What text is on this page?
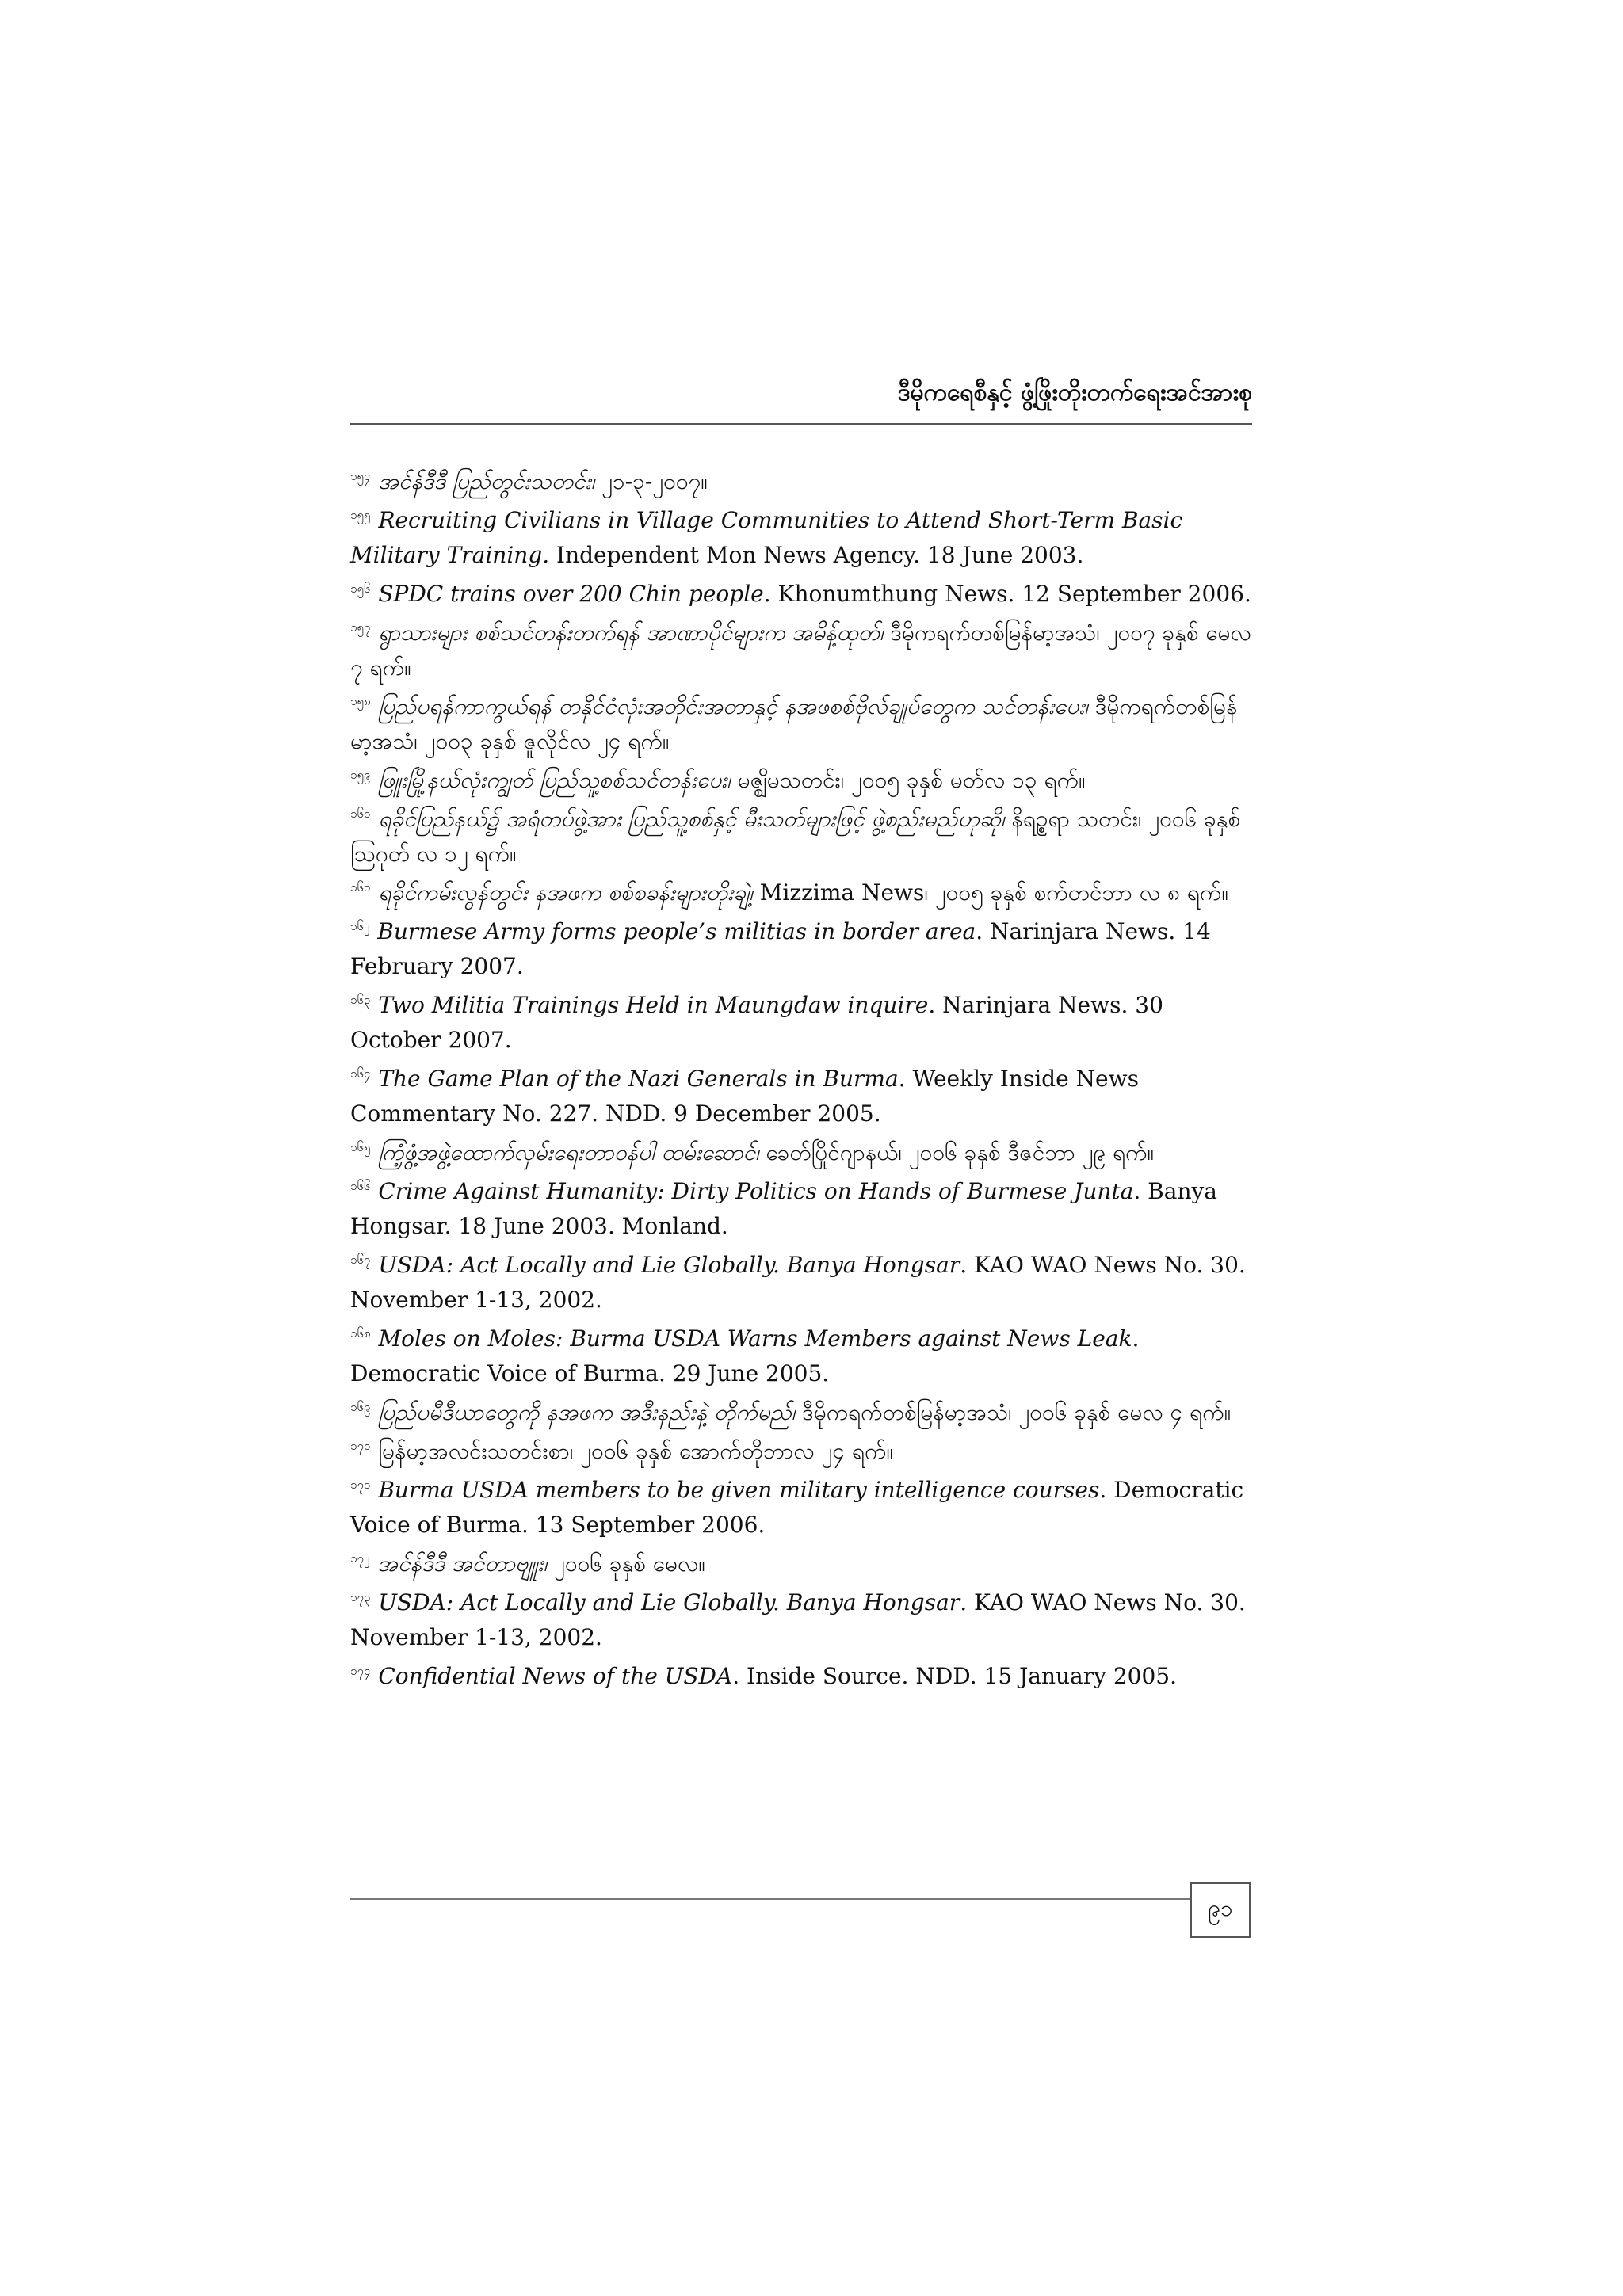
ဒီမိုကရေစီနှင့် ဖွံ့ဖြိုးတိုးတက်ရေးအင်အားစု

$^{၁၅၄}$ အင်န်ဒီဒီ ပြည်တွင်းသတင်း၊ ၂၁-၃-၂၀၀၇။

$^{၁၅၅}$ Recruiting Civilians in Village Communities to Attend Short-Term Basic Military Training. Independent Mon News Agency. 18 June 2003.

$^{၁၅၆}$ SPDC trains over 200 Chin people. Khonumthung News. 12 September 2006.

$^{၁၅၇}$ ရွာသားများ စစ်သင်တန်းတက်ရန် အာဏာပိုင်များက အမိန့်ထုတ်၊ ဒီမိုကရက်တစ်မြန်မာ့အသံ၊ ၂၀၀၇ ခုနှစ် မေလ ၇ ရက်။

$^{၁၅၈}$ ပြည်ပရန်ကာကွယ်ရန် တနိုင်ငံလုံးအတိုင်းအတာနှင့် နအဖစစ်ဗိုလ်ချုပ်တွေက သင်တန်းပေး၊ ဒီမိုကရက်တစ်မြန်မာ့အသံ၊ ၂၀၀၃ ခုနှစ် ဇူလိုင်လ ၂၄ ရက်။

$^{၁၅၉}$ ဖြူးမြို့နယ်လုံးကျွတ် ပြည်သူ့စစ်သင်တန်းပေး၊ မဇ္ဈိမသတင်း၊ ၂၀၀၅ ခုနှစ် မတ်လ ၁၃ ရက်။

$^{၁၆၀}$ ရခိုင်ပြည်နယ်၌ အရံတပ်ဖွဲ့အား ပြည်သူ့စစ်နှင့် မီးသတ်များဖြင့် ဖွဲ့စည်းမည်ဟုဆို၊ နိရဥ္စရာ သတင်း၊ ၂၀၀၆ ခုနှစ် ဩဂုတ် လ ၁၂ ရက်။

$^{၁၆၁}$ ရခိုင်ကမ်းလွန်တွင်း နအဖက စစ်စခန်းများတိုးချဲ့၊ Mizzima News၊ ၂၀၀၅ ခုနှစ် စက်တင်ဘာ လ ၈ ရက်။

$^{၁၆၂}$ Burmese Army forms people’s militias in border area. Narinjara News. 14 February 2007.

$^{၁၆၃}$ Two Militia Trainings Held in Maungdaw inquire. Narinjara News. 30 October 2007.

$^{၁၆၄}$ The Game Plan of the Nazi Generals in Burma. Weekly Inside News Commentary No. 227. NDD. 9 December 2005.

$^{၁၆၅}$ ကြံ့ဖွံ့အဖွဲ့ထောက်လှမ်းရေးတာဝန်ပါ ထမ်းဆောင်၊ ခေတ်ပြိုင်ဂျာနယ်၊ ၂၀၀၆ ခုနှစ် ဒီဇင်ဘာ ၂၉ ရက်။

$^{၁၆၆}$ Crime Against Humanity: Dirty Politics on Hands of Burmese Junta. Banya Hongsar. 18 June 2003. Monland.

$^{၁၆၇}$ USDA: Act Locally and Lie Globally. Banya Hongsar. KAO WAO News No. 30. November 1-13, 2002.

$^{၁၆၈}$ Moles on Moles: Burma USDA Warns Members against News Leak. Democratic Voice of Burma. 29 June 2005.

$^{၁၆၉}$ ပြည်ပမီဒီယာတွေကို နအဖက အဒီးနည်းနဲ့ တိုက်မည်၊ ဒီမိုကရက်တစ်မြန်မာ့အသံ၊ ၂၀၀၆ ခုနှစ် မေလ ၄ ရက်။

$^{၁၇၀}$ မြန်မာ့အလင်းသတင်းစာ၊ ၂၀၀၆ ခုနှစ် အောက်တိုဘာလ ၂၄ ရက်။

$^{၁၇၁}$ Burma USDA members to be given military intelligence courses. Democratic Voice of Burma. 13 September 2006.

$^{၁၇၂}$ အင်န်ဒီဒီ အင်တာဗျူး၊ ၂၀၀၆ ခုနှစ် မေလ။

$^{၁၇၃}$ USDA: Act Locally and Lie Globally. Banya Hongsar. KAO WAO News No. 30. November 1-13, 2002.

$^{၁၇၄}$ Confidential News of the USDA. Inside Source. NDD. 15 January 2005.

၉၁
